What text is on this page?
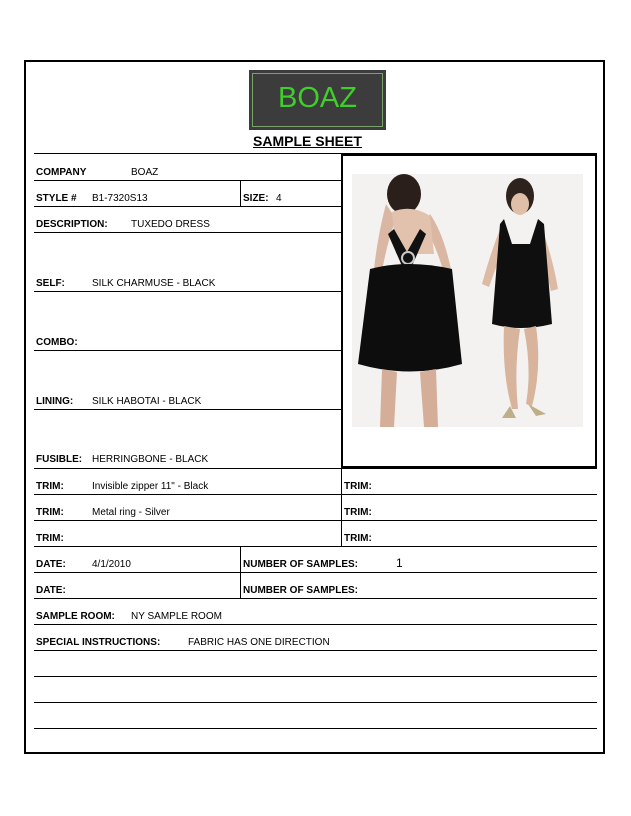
BOAZ
SAMPLE SHEET
COMPANY	BOAZ
STYLE # B1-7320S13	SIZE: 4
DESCRIPTION: TUXEDO DRESS
SELF:	SILK CHARMUSE - BLACK
COMBO:
LINING: SILK HABOTAI - BLACK
FUSIBLE: HERRINGBONE - BLACK
TRIM:	Invisible zipper 11" - Black	TRIM:
TRIM:	Metal ring - Silver	TRIM:
TRIM:	TRIM:
DATE:	4/1/2010	NUMBER OF SAMPLES:	1
DATE:	NUMBER OF SAMPLES:
SAMPLE ROOM: NY SAMPLE ROOM
SPECIAL INSTRUCTIONS:	FABRIC HAS ONE DIRECTION
